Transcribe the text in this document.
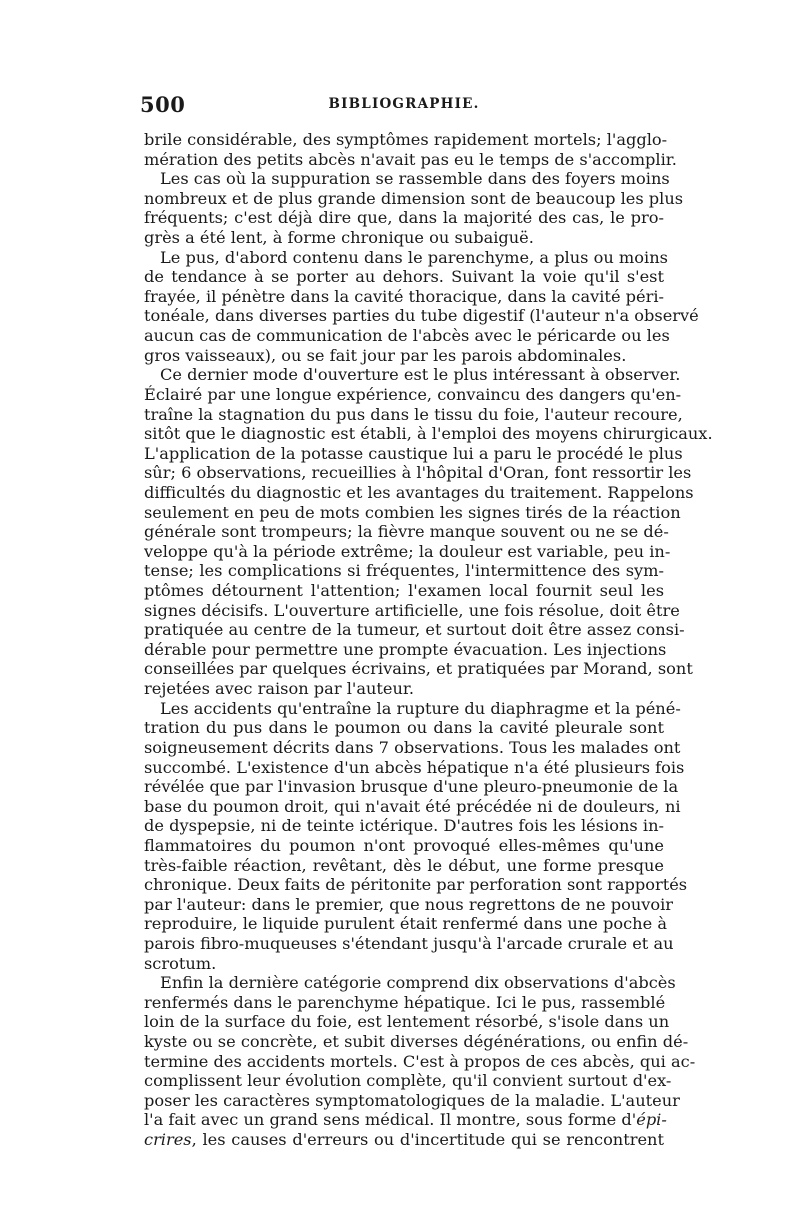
500	BIBLIOGRAPHIE.
brile considérable, des symptômes rapidement mortels; l'agglo-
mération des petits abcès n'avait pas eu le temps de s'accomplir.
Les cas où la suppuration se rassemble dans des foyers moins
nombreux et de plus grande dimension sont de beaucoup les plus
fréquents; c'est déjà dire que, dans la majorité des cas, le pro-
grès a été lent, à forme chronique ou subaiguë.
Le pus, d'abord contenu dans le parenchyme, a plus ou moins
de tendance à se porter au dehors. Suivant la voie qu'il s'est
frayée, il pénètre dans la cavité thoracique, dans la cavité péri-
tonéale, dans diverses parties du tube digestif (l'auteur n'a observé
aucun cas de communication de l'abcès avec le péricarde ou les
gros vaisseaux), ou se fait jour par les parois abdominales.
Ce dernier mode d'ouverture est le plus intéressant à observer.
Éclairé par une longue expérience, convaincu des dangers qu'en-
traîne la stagnation du pus dans le tissu du foie, l'auteur recoure,
sitôt que le diagnostic est établi, à l'emploi des moyens chirurgicaux.
L'application de la potasse caustique lui a paru le procédé le plus
sûr; 6 observations, recueillies à l'hôpital d'Oran, font ressortir les
difficultés du diagnostic et les avantages du traitement. Rappelons
seulement en peu de mots combien les signes tirés de la réaction
générale sont trompeurs; la fièvre manque souvent ou ne se dé-
veloppe qu'à la période extrême; la douleur est variable, peu in-
tense; les complications si fréquentes, l'intermittence des sym-
ptômes détournent l'attention; l'examen local fournit seul les
signes décisifs. L'ouverture artificielle, une fois résolue, doit être
pratiquée au centre de la tumeur, et surtout doit être assez consi-
dérable pour permettre une prompte évacuation. Les injections
conseillées par quelques écrivains, et pratiquées par Morand, sont
rejetées avec raison par l'auteur.
Les accidents qu'entraîne la rupture du diaphragme et la péné-
tration du pus dans le poumon ou dans la cavité pleurale sont
soigneusement décrits dans 7 observations. Tous les malades ont
succombé. L'existence d'un abcès hépatique n'a été plusieurs fois
révélée que par l'invasion brusque d'une pleuro-pneumonie de la
base du poumon droit, qui n'avait été précédée ni de douleurs, ni
de dyspepsie, ni de teinte ictérique. D'autres fois les lésions in-
flammatoires du poumon n'ont provoqué elles-mêmes qu'une
très-faible réaction, revêtant, dès le début, une forme presque
chronique. Deux faits de péritonite par perforation sont rapportés
par l'auteur: dans le premier, que nous regrettons de ne pouvoir
reproduire, le liquide purulent était renfermé dans une poche à
parois fibro-muqueuses s'étendant jusqu'à l'arcade crurale et au
scrotum.
Enfin la dernière catégorie comprend dix observations d'abcès
renfermés dans le parenchyme hépatique. Ici le pus, rassemblé
loin de la surface du foie, est lentement résorbé, s'isole dans un
kyste ou se concrète, et subit diverses dégénérations, ou enfin dé-
termine des accidents mortels. C'est à propos de ces abcès, qui ac-
complissent leur évolution complète, qu'il convient surtout d'ex-
poser les caractères symptomatologiques de la maladie. L'auteur
l'a fait avec un grand sens médical. Il montre, sous forme d'épi-
crires, les causes d'erreurs ou d'incertitude qui se rencontrent
